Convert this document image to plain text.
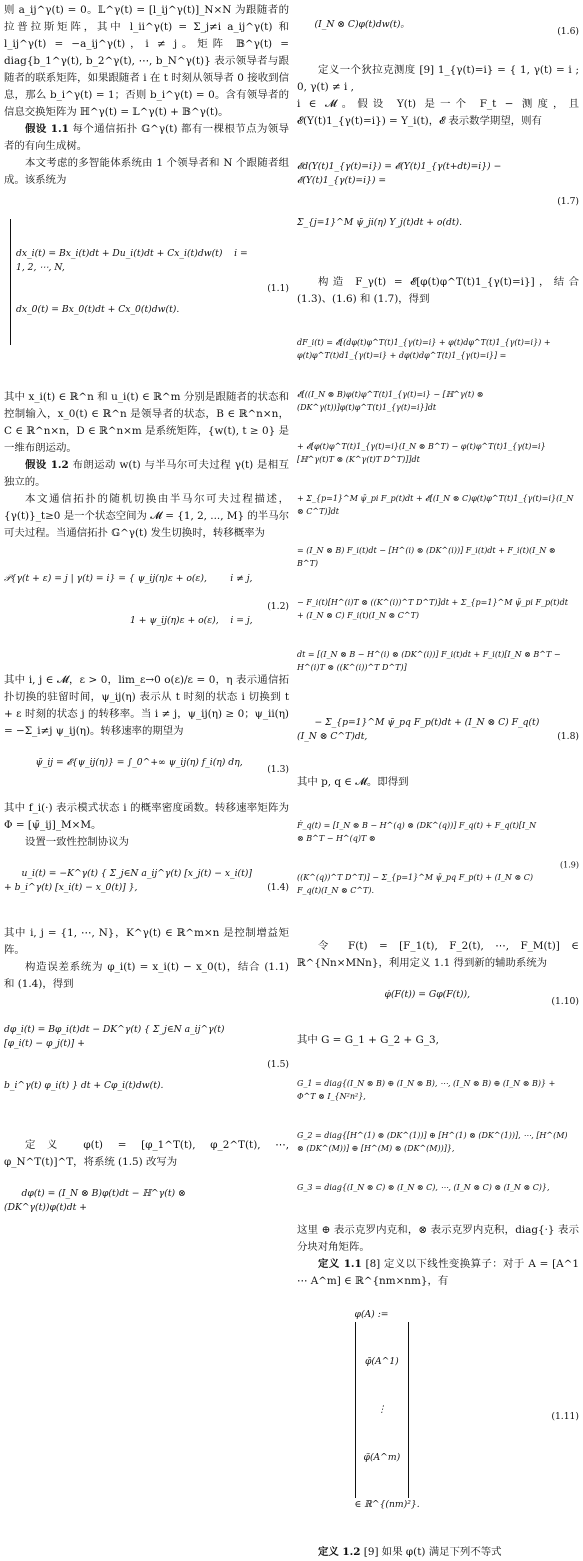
则 a_ij^γ(t) = 0。𝕃^γ(t) = [l_ij^γ(t)]_N×N 为跟随者的拉普拉斯矩阵，其中 l_ii^γ(t) = Σ_j≠i a_ij^γ(t) 和 l_ij^γ(t) = −a_ij^γ(t)，i ≠ j。矩阵 𝔹^γ(t) = diag{b_1^γ(t), b_2^γ(t), ⋯, b_N^γ(t)} 表示领导者与跟随者的联系矩阵，如果跟随者 i 在 t 时刻从领导者 0 接收到信息，那么 b_i^γ(t) = 1；否则 b_i^γ(t) = 0。含有领导者的信息交换矩阵为 ℍ^γ(t) = 𝕃^γ(t) + 𝔹^γ(t)。

假设 1.1 每个通信拓扑 𝔾^γ(t) 都有一棵根节点为领导者的有向生成树。

本文考虑的多智能体系统由 1 个领导者和 N 个跟随者组成。该系统为

dx_i(t) = Bx_i(t)dt + Du_i(t)dt + Cx_i(t)dw(t)    i = 1, 2, ⋯, N,

dx_0(t) = Bx_0(t)dt + Cx_0(t)dw(t).

(1.1)

其中 x_i(t) ∈ ℝ^n 和 u_i(t) ∈ ℝ^m 分别是跟随者的状态和控制输入，x_0(t) ∈ ℝ^n 是领导者的状态，B ∈ ℝ^n×n，C ∈ ℝ^n×n，D ∈ ℝ^n×m 是系统矩阵，{w(t), t ≥ 0} 是一维布朗运动。

假设 1.2 布朗运动 w(t) 与半马尔可夫过程 γ(t) 是相互独立的。

本文通信拓扑的随机切换由半马尔可夫过程描述，{γ(t)}_t≥0 是一个状态空间为 𝓜 = {1, 2, ..., M} 的半马尔可夫过程。当通信拓扑 𝔾^γ(t) 发生切换时，转移概率为

𝒫{γ(t + ε) = j | γ(t) = i} = { ψ_ij(η)ε + o(ε),        i ≠ j,

1 + ψ_ij(η)ε + o(ε),    i = j,

(1.2)

其中 i, j ∈ 𝓜，ε > 0，lim_ε→0 o(ε)/ε = 0，η 表示通信拓扑切换的驻留时间，ψ_ij(η) 表示从 t 时刻的状态 i 切换到 t + ε 时刻的状态 j 的转移率。当 i ≠ j，ψ_ij(η) ≥ 0；ψ_ii(η) = −Σ_i≠j ψ_ij(η)。转移速率的期望为

ψ̄_ij = 𝓔{ψ_ij(η)} = ∫_0^+∞ ψ_ij(η) f_i(η) dη,

(1.3)

其中 f_i(·) 表示模式状态 i 的概率密度函数。转移速率矩阵为 Φ = [ψ̄_ij]_M×M。

设置一致性控制协议为

u_i(t) = −K^γ(t) { Σ_j∈N a_ij^γ(t) [x_j(t) − x_i(t)] + b_i^γ(t) [x_i(t) − x_0(t)] },
	(1.4)

其中 i, j = {1, ⋯, N}，K^γ(t) ∈ ℝ^m×n 是控制增益矩阵。

构造误差系统为 φ_i(t) = x_i(t) − x_0(t)，结合 (1.1) 和 (1.4)，得到

dφ_i(t) = Bφ_i(t)dt − DK^γ(t) { Σ_j∈N a_ij^γ(t) [φ_i(t) − φ_j(t)] +

b_i^γ(t) φ_i(t) } dt + Cφ_i(t)dw(t).

(1.5)

定义 φ(t) = [φ_1^T(t), φ_2^T(t), ⋯, φ_N^T(t)]^T，将系统 (1.5) 改写为

dφ(t) = (I_N ⊗ B)φ(t)dt − ℍ^γ(t) ⊗ (DK^γ(t))φ(t)dt +

(I_N ⊗ C)φ(t)dw(t)。

(1.6)

定义一个狄拉克测度 [9] 1_{γ(t)=i} = { 1, γ(t) = i ; 0, γ(t) ≠ i ,

i ∈ 𝓜。假设 Y(t) 是一个 F_t − 测度，且 𝓔(Y(t)1_{γ(t)=i}) = Y_i(t)，𝓔 表示数学期望，则有

𝓔d(Y(t)1_{γ(t)=i}) = 𝓔(Y(t)1_{γ(t+dt)=i}) − 𝓔(Y(t)1_{γ(t)=i}) =

Σ_{j=1}^M ψ̄_ji(η) Y_j(t)dt + o(dt).

(1.7)

构造 F_γ(t) = 𝓔[φ(t)φ^T(t)1_{γ(t)=i}]，结合 (1.3)、(1.6) 和 (1.7)，得到

dF_i(t) = 𝓔[(dφ(t)φ^T(t)1_{γ(t)=i} + φ(t)dφ^T(t)1_{γ(t)=i}) + φ(t)φ^T(t)d1_{γ(t)=i} + dφ(t)dφ^T(t)1_{γ(t)=i}] =

𝓔[((I_N ⊗ B)φ(t)φ^T(t)1_{γ(t)=i} − [ℍ^γ(t) ⊗ (DK^γ(t))]φ(t)φ^T(t)1_{γ(t)=i}]dt

+ 𝓔[φ(t)φ^T(t)1_{γ(t)=i}(I_N ⊗ B^T) − φ(t)φ^T(t)1_{γ(t)=i}[ℍ^γ(t)T ⊗ (K^γ(t)T D^T)]]dt

+ Σ_{p=1}^M ψ̄_pi F_p(t)dt + 𝓔[(I_N ⊗ C)φ(t)φ^T(t)1_{γ(t)=i}(I_N ⊗ C^T)]dt

= (I_N ⊗ B) F_i(t)dt − [H^(i) ⊗ (DK^(i))] F_i(t)dt + F_i(t)(I_N ⊗ B^T)

− F_i(t)[H^(i)T ⊗ ((K^(i))^T D^T)]dt + Σ_{p=1}^M ψ̄_pi F_p(t)dt + (I_N ⊗ C) F_i(t)(I_N ⊗ C^T)

dt = [(I_N ⊗ B − H^(i) ⊗ (DK^(i))] F_i(t)dt + F_i(t)[I_N ⊗ B^T − H^(i)T ⊗ ((K^(i))^T D^T)]

− Σ_{p=1}^M ψ̄_pq F_p(t)dt + (I_N ⊗ C) F_q(t)(I_N ⊗ C^T)dt,
	(1.8)

其中 p, q ∈ 𝓜。即得到

Ḟ_q(t) = [I_N ⊗ B − H^(q) ⊗ (DK^(q))] F_q(t) + F_q(t)[I_N ⊗ B^T − H^(q)T ⊗

((K^(q))^T D^T)] − Σ_{p=1}^M ψ̄_pq F_p(t) + (I_N ⊗ C) F_q(t)(I_N ⊗ C^T).

(1.9)

令 F(t) = [F_1(t), F_2(t), ⋯, F_M(t)] ∈ ℝ^{Nn×MNn}，利用定义 1.1 得到新的辅助系统为

φ̇(F(t)) = Gφ(F(t)),

(1.10)

其中 G = G_1 + G_2 + G_3,

G_1 = diag{(I_N ⊗ B) ⊕ (I_N ⊗ B), ⋯, (I_N ⊗ B) ⊕ (I_N ⊗ B)} + Φ^T ⊗ I_{N²n²},

G_2 = diag{[H^(1) ⊗ (DK^(1))] ⊕ [H^(1) ⊗ (DK^(1))], ⋯, [H^(M) ⊗ (DK^(M))] ⊕ [H^(M) ⊗ (DK^(M))]},

G_3 = diag{(I_N ⊗ C) ⊗ (I_N ⊗ C), ⋯, (I_N ⊗ C) ⊗ (I_N ⊗ C)},

这里 ⊕ 表示克罗内克和，⊗ 表示克罗内克积，diag{·} 表示分块对角矩阵。

定义 1.1 [8] 定义以下线性变换算子：对于 A = [A^1 ⋯ A^m] ∈ ℝ^{nm×nm}，有

φ(A) :=

φ̃(A^1)

⋮

φ̃(A^m)

∈ ℝ^{(nm)²}.

(1.11)

定义 1.2 [9] 如果 φ(t) 满足下列不等式
